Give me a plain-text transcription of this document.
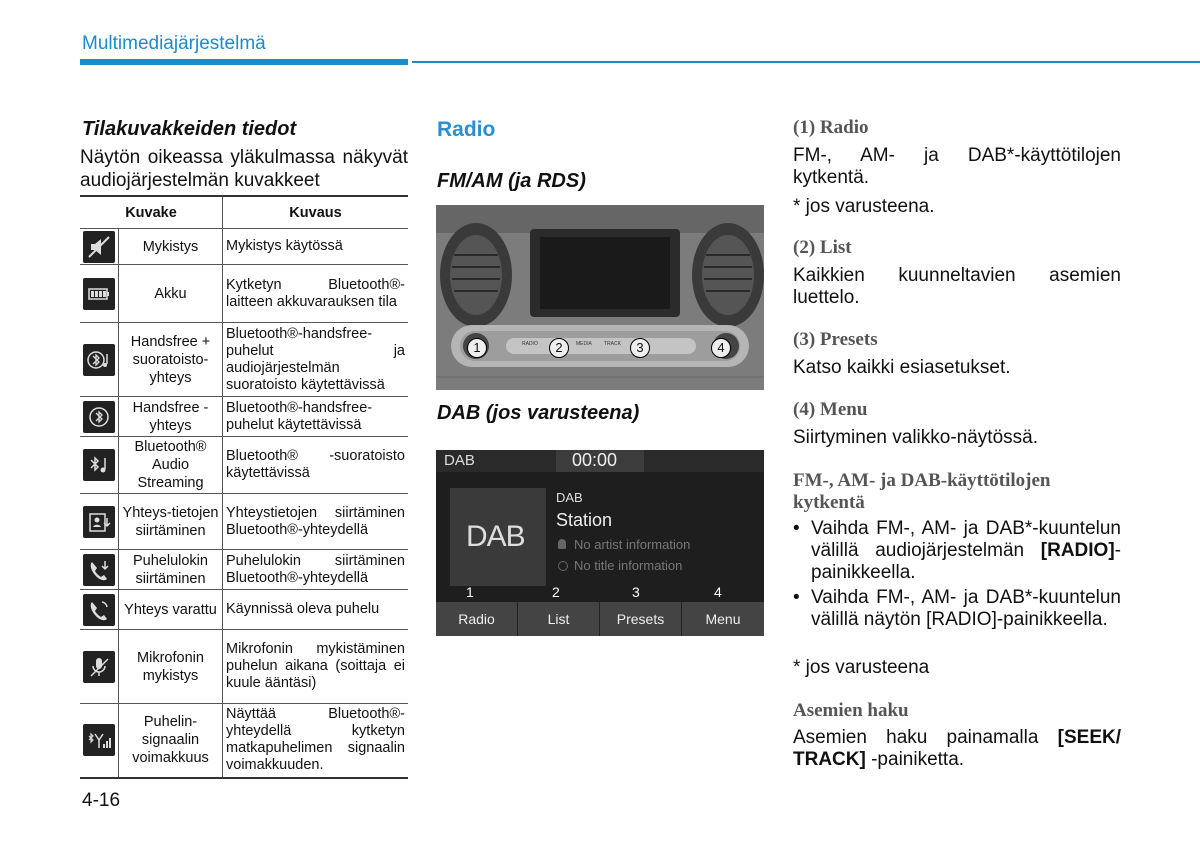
Multimediajärjestelmä
Tilakuvakkeiden tiedot
Näytön oikeassa yläkulmassa näkyvät audiojärjestelmän kuvakkeet
Kuvake		Kuvaus
	Mykistys	Mykistys käytössä
	Akku	Kytketyn Bluetooth®-laitteen akkuvarauksen tila
	Handsfree + suoratoisto-yhteys	Bluetooth®-handsfree-puhelut ja audiojärjestelmän suoratoisto käytettävissä
	Handsfree -yhteys	Bluetooth®-handsfree-puhelut käytettävissä
	Bluetooth® Audio Streaming	Bluetooth® -suoratoisto käytettävissä
	Yhteys-tietojen siirtäminen	Yhteystietojen siirtäminen Bluetooth®-yhteydellä
	Puhelulokin siirtäminen	Puhelulokin siirtäminen Bluetooth®-yhteydellä
	Yhteys varattu	Käynnissä oleva puhelu
	Mikrofonin mykistys	Mikrofonin mykistäminen puhelun aikana (soittaja ei kuule ääntäsi)
	Puhelin-signaalin voimakkuus	Näyttää Bluetooth®-yhteydellä kytketyn matkapuhelimen signaalin voimakkuuden.
Radio
FM/AM (ja RDS)
RADIO	MEDIA TRACK
1	2	3	4
DAB (jos varusteena)
DAB	00:00
DAB
DAB
Station
No artist information
No title information
1	2	3	4
Radio	List	Presets	Menu
(1) Radio
FM-, AM- ja DAB*-käyttötilojen kytkentä.
* jos varusteena.
(2) List
Kaikkien kuunneltavien asemien luettelo.
(3) Presets
Katso kaikki esiasetukset.
(4) Menu
Siirtyminen valikko-näytössä.
FM-, AM- ja DAB-käyttötilojen kytkentä
• Vaihda FM-, AM- ja DAB*-kuuntelun välillä audiojärjestelmän [RADIO]-painikkeella.
• Vaihda FM-, AM- ja DAB*-kuuntelun välillä näytön [RADIO]-painikkeella.
* jos varusteena
Asemien haku
Asemien haku painamalla [SEEK/ TRACK] -painiketta.
4-16
